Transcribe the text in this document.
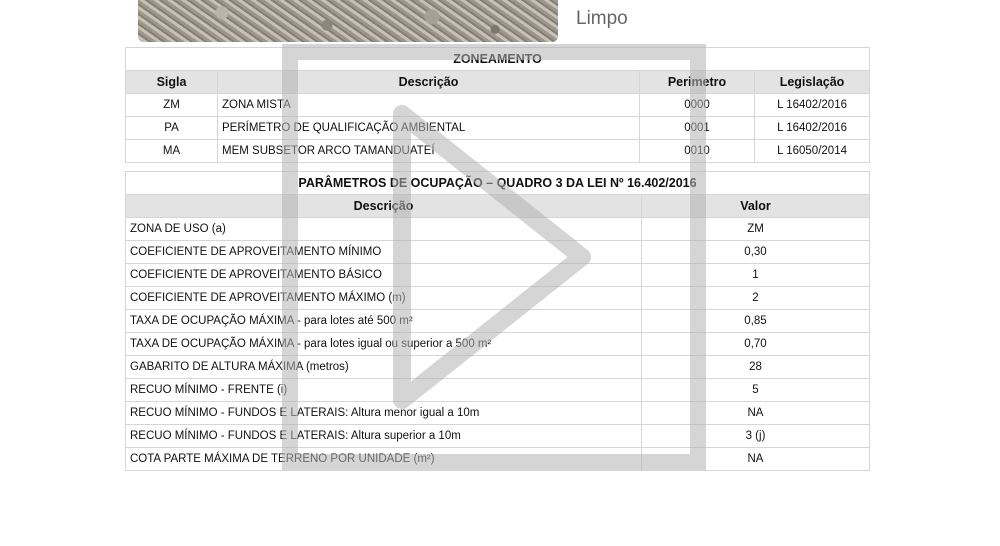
Limpo
ZONEAMENTO			
Sigla	Descrição	Perimetro	Legislação
ZM	ZONA MISTA	0000	L 16402/2016
PA	PERÍMETRO DE QUALIFICAÇÃO AMBIENTAL	0001	L 16402/2016
MA	MEM SUBSETOR ARCO TAMANDUATEÍ	0010	L 16050/2014
PARÂMETROS DE OCUPAÇÃO – QUADRO 3 DA LEI Nº 16.402/2016	
Descrição	Valor
ZONA DE USO (a)	ZM
COEFICIENTE DE APROVEITAMENTO MÍNIMO	0,30
COEFICIENTE DE APROVEITAMENTO BÁSICO	1
COEFICIENTE DE APROVEITAMENTO MÁXIMO (m)	2
TAXA DE OCUPAÇÃO MÁXIMA - para lotes até 500 m²	0,85
TAXA DE OCUPAÇÃO MÁXIMA - para lotes igual ou superior a 500 m²	0,70
GABARITO DE ALTURA MÁXIMA (metros)	28
RECUO MÍNIMO - FRENTE (i)	5
RECUO MÍNIMO - FUNDOS E LATERAIS: Altura menor igual a 10m	NA
RECUO MÍNIMO - FUNDOS E LATERAIS: Altura superior a 10m	3 (j)
COTA PARTE MÁXIMA DE TERRENO POR UNIDADE (m²)	NA
